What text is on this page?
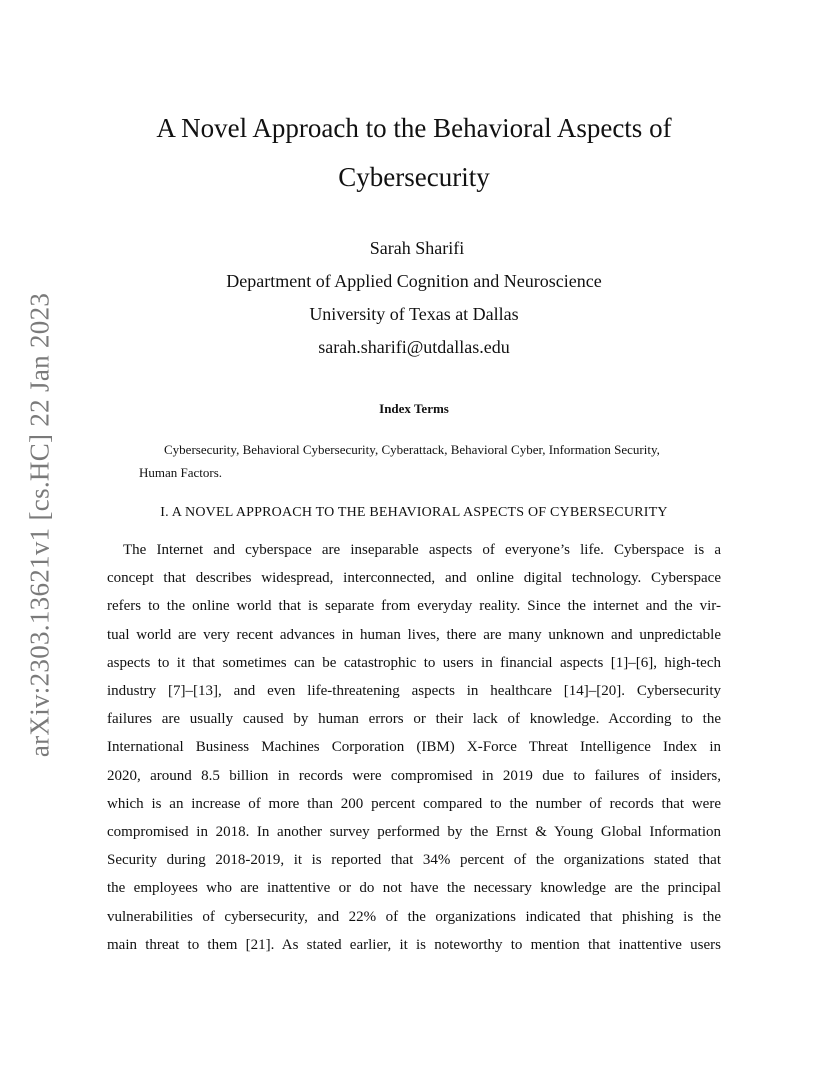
arXiv:2303.13621v1 [cs.HC] 22 Jan 2023
A Novel Approach to the Behavioral Aspects of
Cybersecurity
Sarah Sharifi
Department of Applied Cognition and Neuroscience
University of Texas at Dallas
sarah.sharifi@utdallas.edu
Index Terms
Cybersecurity, Behavioral Cybersecurity, Cyberattack, Behavioral Cyber, Information Security,
Human Factors.
I. A NOVEL APPROACH TO THE BEHAVIORAL ASPECTS OF CYBERSECURITY
The Internet and cyberspace are inseparable aspects of everyone’s life. Cyberspace is a
concept that describes widespread, interconnected, and online digital technology. Cyberspace
refers to the online world that is separate from everyday reality. Since the internet and the vir-
tual world are very recent advances in human lives, there are many unknown and unpredictable
aspects to it that sometimes can be catastrophic to users in financial aspects [1]–[6], high-tech
industry [7]–[13], and even life-threatening aspects in healthcare [14]–[20]. Cybersecurity
failures are usually caused by human errors or their lack of knowledge. According to the
International Business Machines Corporation (IBM) X-Force Threat Intelligence Index in
2020, around 8.5 billion in records were compromised in 2019 due to failures of insiders,
which is an increase of more than 200 percent compared to the number of records that were
compromised in 2018. In another survey performed by the Ernst & Young Global Information
Security during 2018-2019, it is reported that 34% percent of the organizations stated that
the employees who are inattentive or do not have the necessary knowledge are the principal
vulnerabilities of cybersecurity, and 22% of the organizations indicated that phishing is the
main threat to them [21]. As stated earlier, it is noteworthy to mention that inattentive users
